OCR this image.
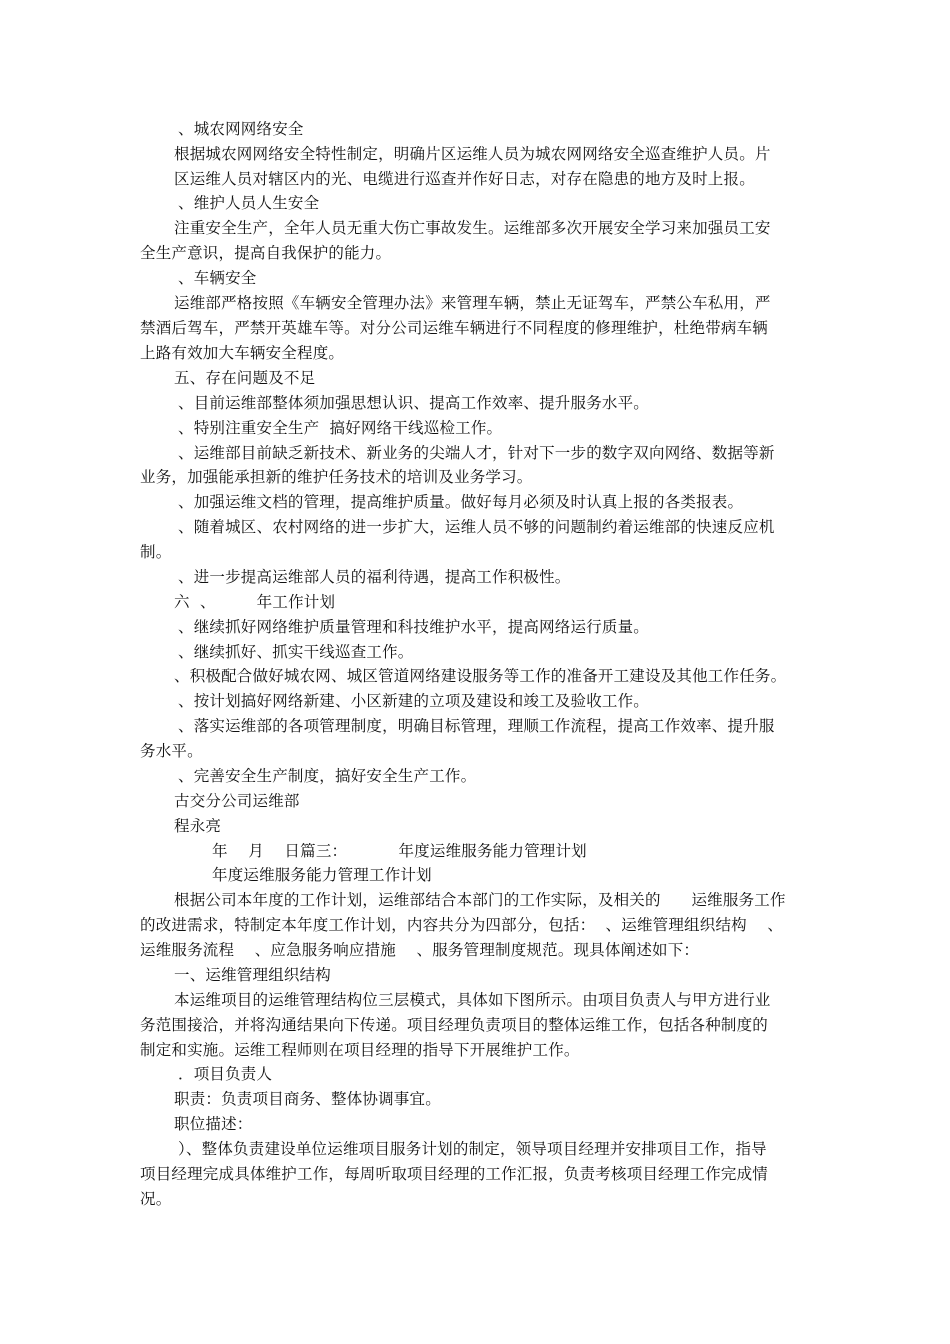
、城农网网络安全
根据城农网网络安全特性制定，明确片区运维人员为城农网网络安全巡查维护人员。片
区运维人员对辖区内的光、电缆进行巡查并作好日志，对存在隐患的地方及时上报。
、维护人员人生安全
注重安全生产，全年人员无重大伤亡事故发生。运维部多次开展安全学习来加强员工安
全生产意识，提高自我保护的能力。
、车辆安全
运维部严格按照《车辆安全管理办法》来管理车辆，禁止无证驾车，严禁公车私用，严
禁酒后驾车，严禁开英雄车等。对分公司运维车辆进行不同程度的修理维护，杜绝带病车辆
上路有效加大车辆安全程度。
五、存在问题及不足
、目前运维部整体须加强思想认识、提高工作效率、提升服务水平。
、特别注重安全生产  搞好网络干线巡检工作。
、运维部目前缺乏新技术、新业务的尖端人才，针对下一步的数字双向网络、数据等新
业务，加强能承担新的维护任务技术的培训及业务学习。
、加强运维文档的管理，提高维护质量。做好每月必须及时认真上报的各类报表。
、随着城区、农村网络的进一步扩大，运维人员不够的问题制约着运维部的快速反应机
制。
、进一步提高运维部人员的福利待遇，提高工作积极性。
六  、        年工作计划
、继续抓好网络维护质量管理和科技维护水平，提高网络运行质量。
、继续抓好、抓实干线巡查工作。
、积极配合做好城农网、城区管道网络建设服务等工作的准备开工建设及其他工作任务。
、按计划搞好网络新建、小区新建的立项及建设和竣工及验收工作。
、落实运维部的各项管理制度，明确目标管理，理顺工作流程，提高工作效率、提升服
务水平。
、完善安全生产制度，搞好安全生产工作。
古交分公司运维部
程永亮
年    月    日篇三：          年度运维服务能力管理计划
年度运维服务能力管理工作计划
根据公司本年度的工作计划，运维部结合本部门的工作实际，及相关的      运维服务工作
的改进需求，特制定本年度工作计划，内容共分为四部分，包括：  、运维管理组织结构    、
运维服务流程    、应急服务响应措施    、服务管理制度规范。现具体阐述如下：
一、运维管理组织结构
本运维项目的运维管理结构位三层模式，具体如下图所示。由项目负责人与甲方进行业
务范围接洽，并将沟通结果向下传递。项目经理负责项目的整体运维工作，包括各种制度的
制定和实施。运维工程师则在项目经理的指导下开展维护工作。
．项目负责人
职责：负责项目商务、整体协调事宜。
职位描述：
）、整体负责建设单位运维项目服务计划的制定，领导项目经理并安排项目工作，指导
项目经理完成具体维护工作，每周听取项目经理的工作汇报，负责考核项目经理工作完成情
况。
